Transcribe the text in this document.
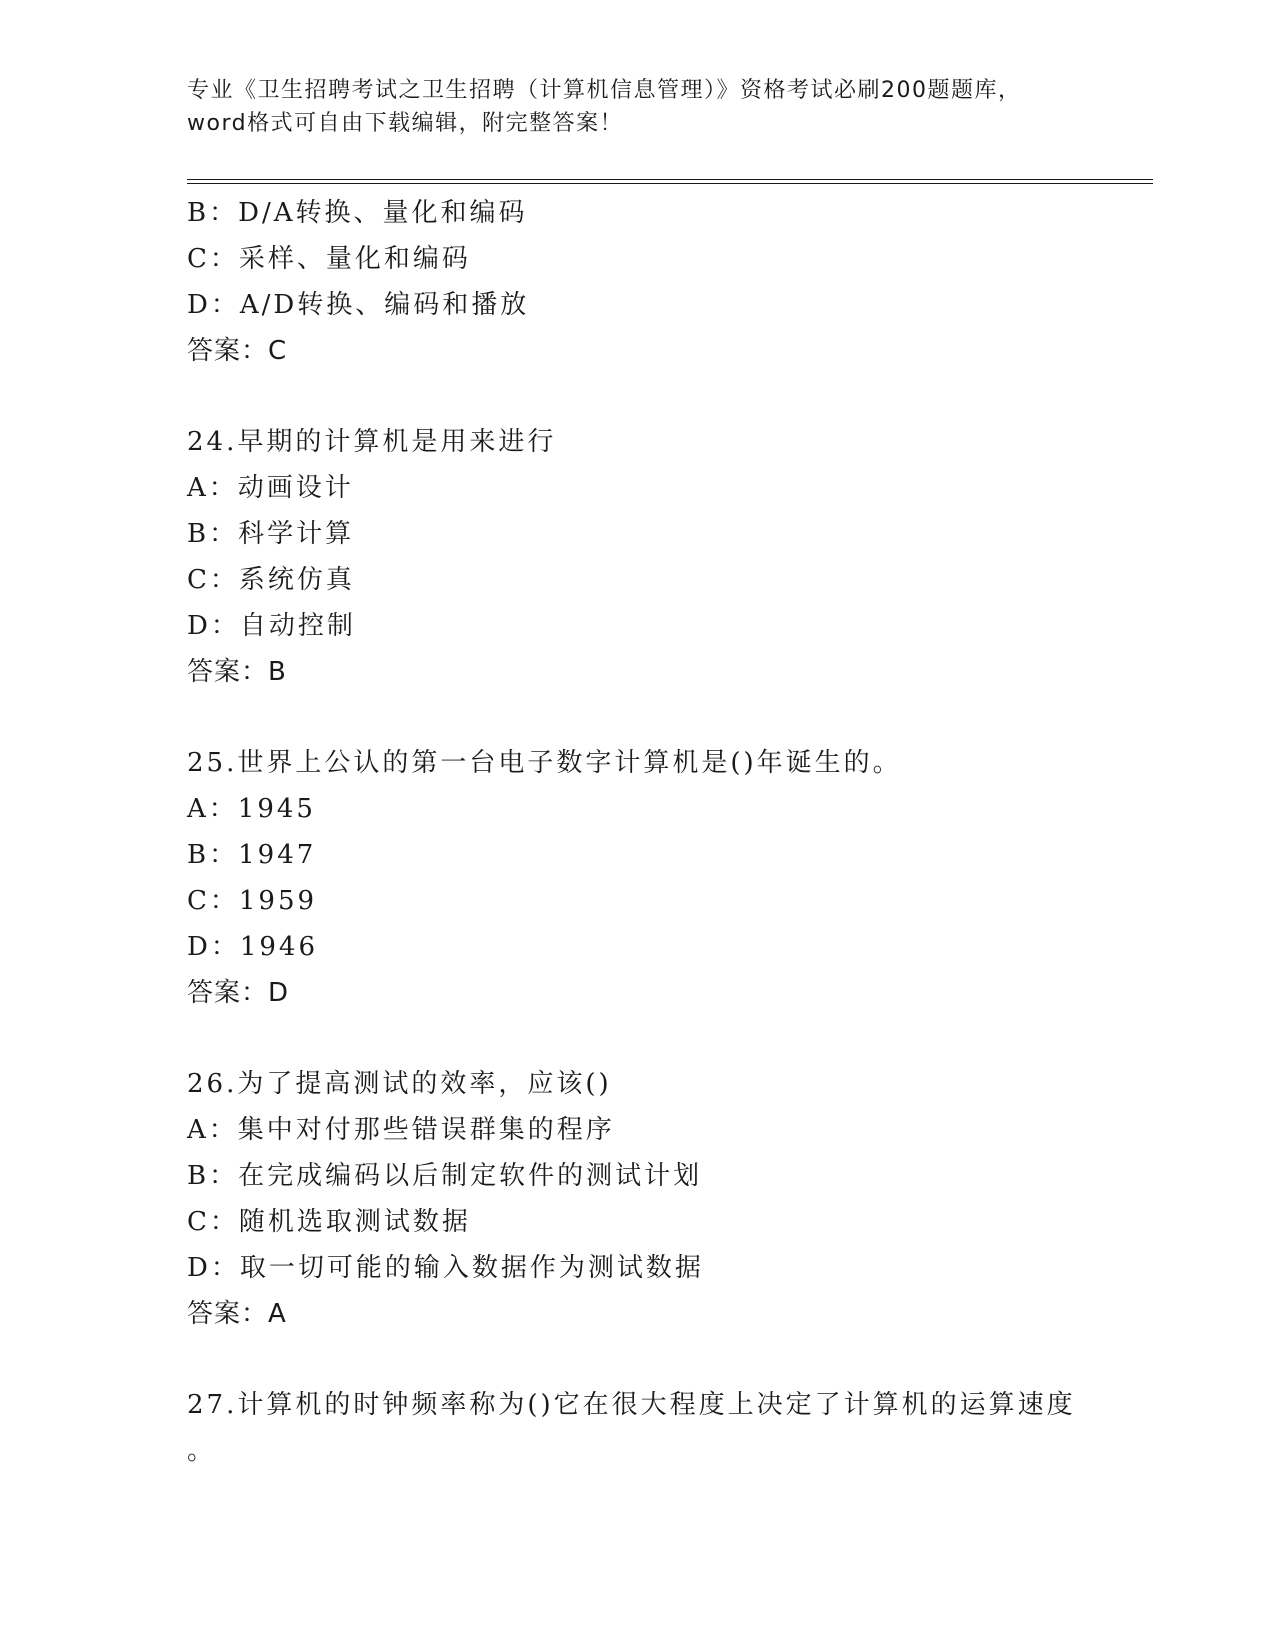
专业《卫生招聘考试之卫生招聘（计算机信息管理）》资格考试必刷200题题库，
word格式可自由下载编辑，附完整答案！
B：D/A转换、量化和编码
C：采样、量化和编码
D：A/D转换、编码和播放
答案：C
24.早期的计算机是用来进行
A：动画设计
B：科学计算
C：系统仿真
D：自动控制
答案：B
25.世界上公认的第一台电子数字计算机是()年诞生的。
A：1945
B：1947
C：1959
D：1946
答案：D
26.为了提高测试的效率，应该()
A：集中对付那些错误群集的程序
B：在完成编码以后制定软件的测试计划
C：随机选取测试数据
D：取一切可能的输入数据作为测试数据
答案：A
27.计算机的时钟频率称为()它在很大程度上决定了计算机的运算速度
。
